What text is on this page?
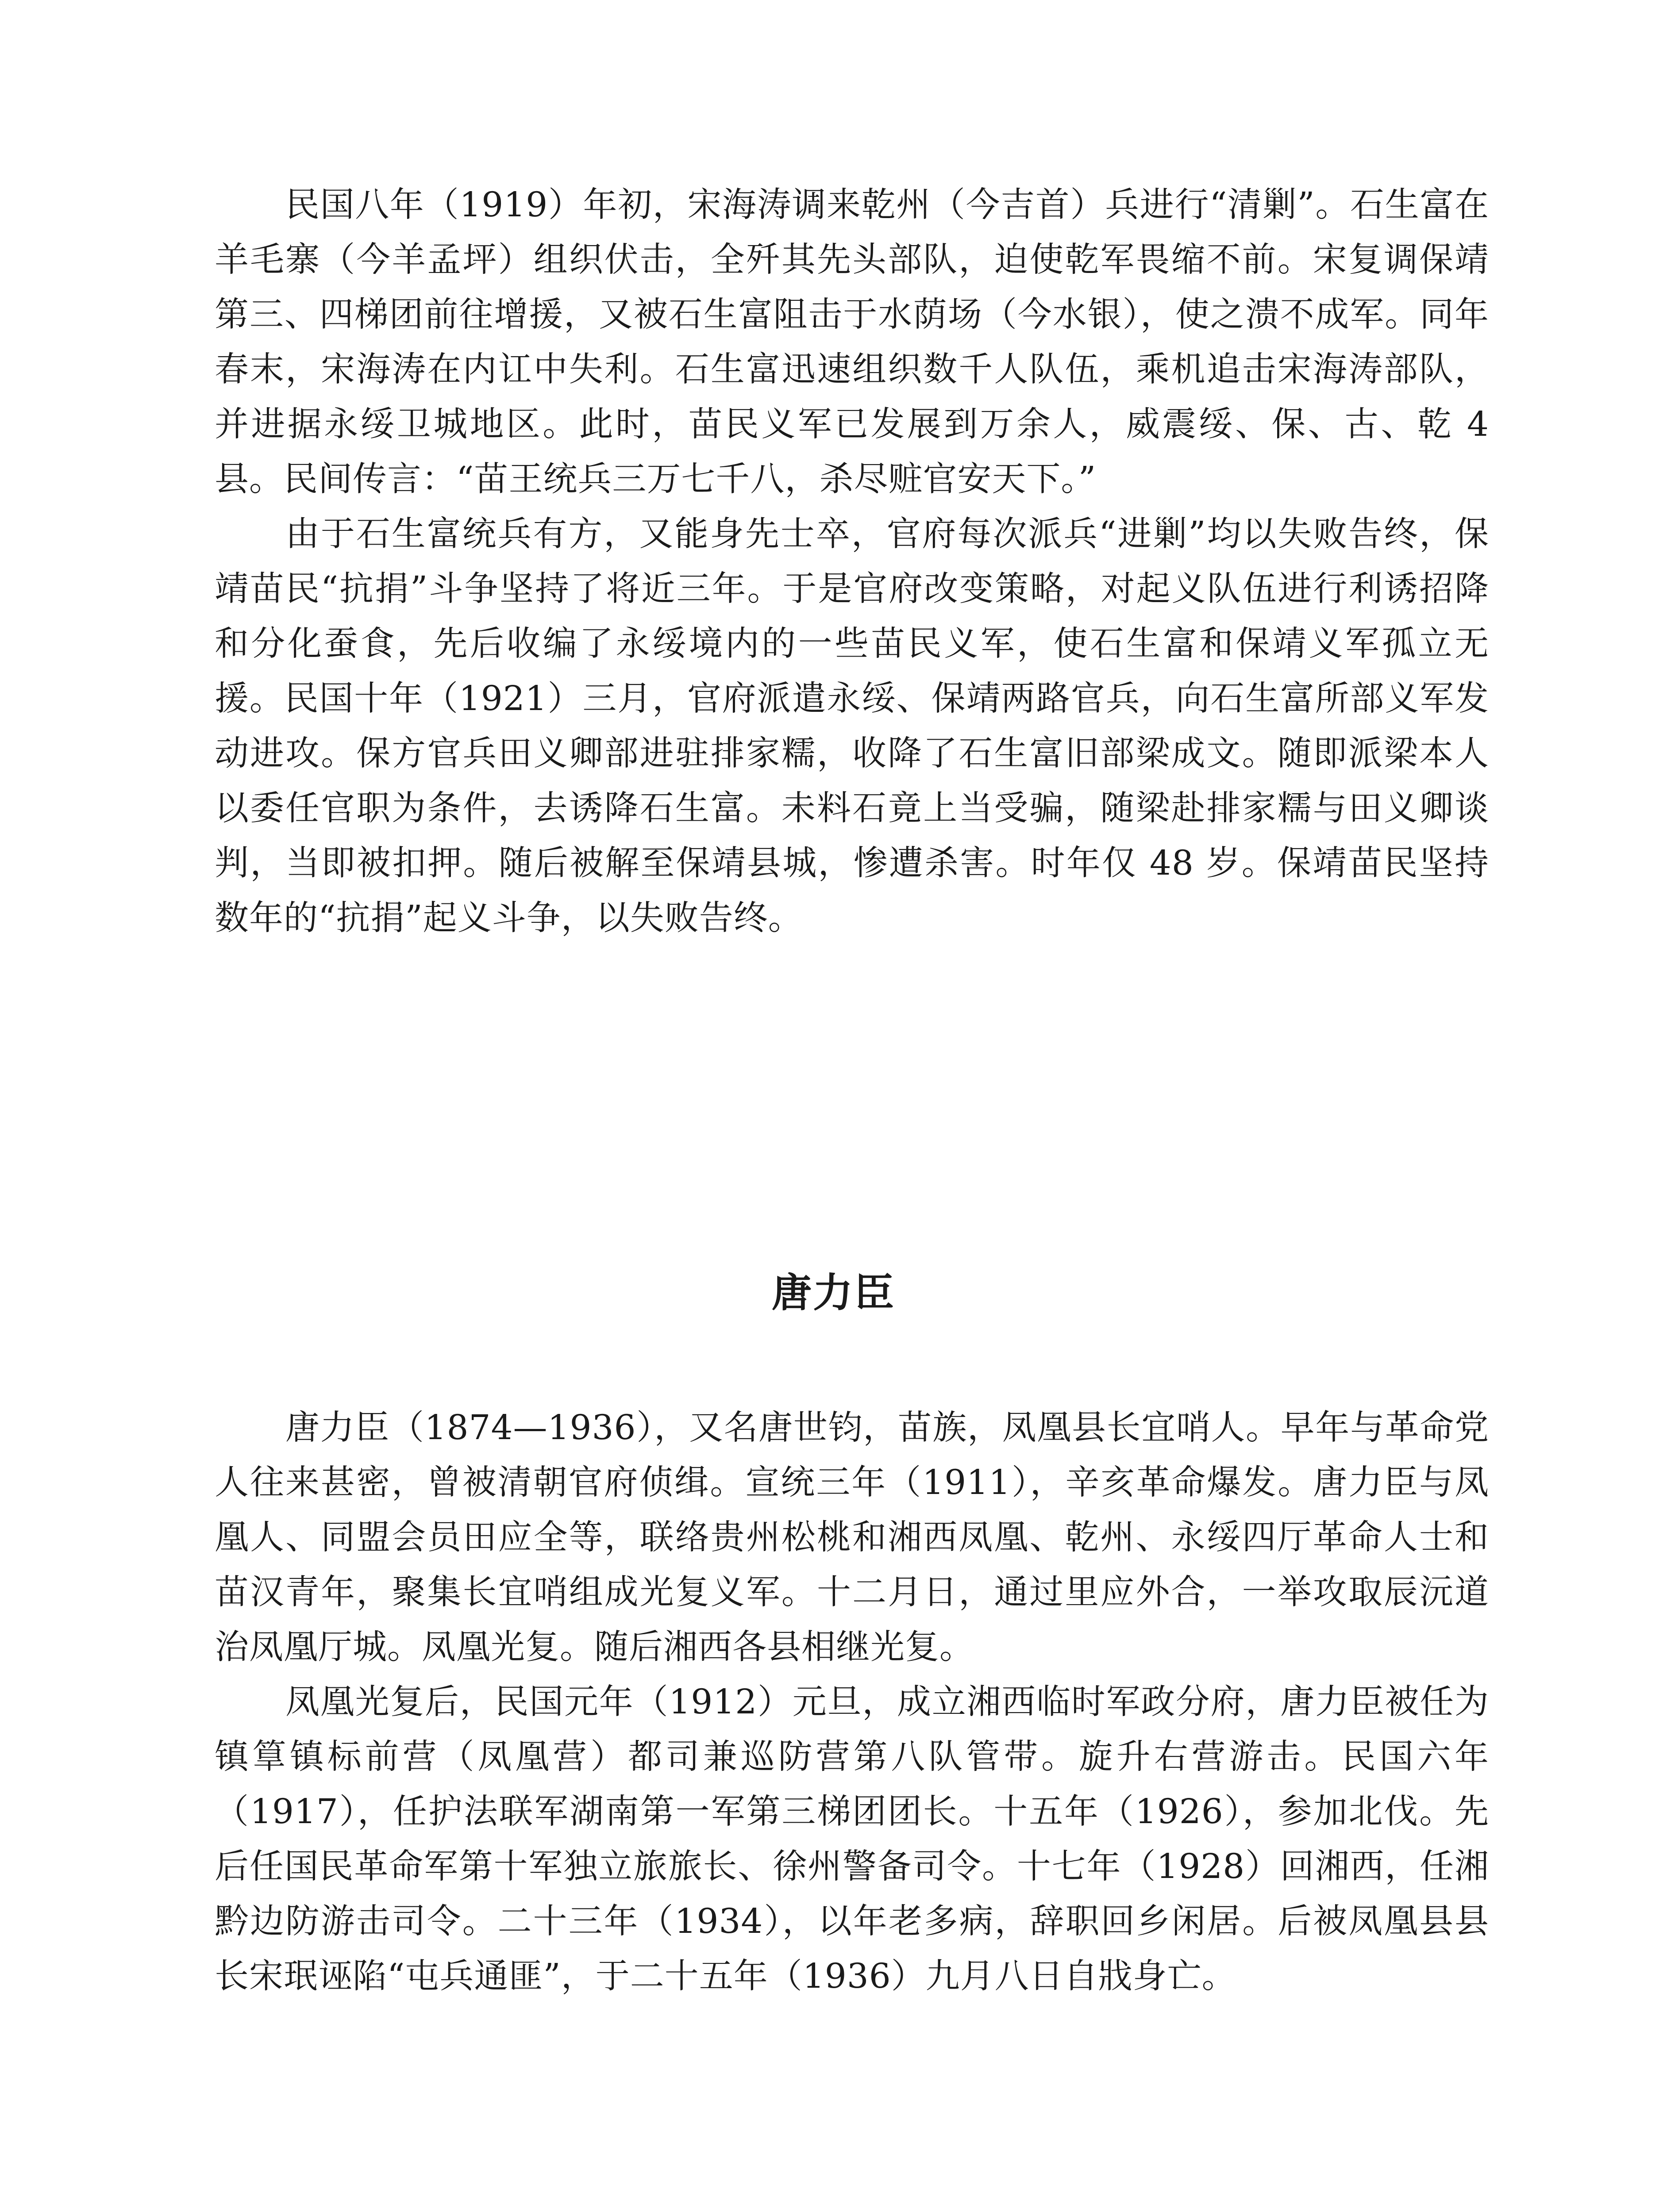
民国八年（1919）年初，宋海涛调来乾州（今吉首）兵进行“清剿”。石生富在羊毛寨（今羊孟坪）组织伏击，全歼其先头部队，迫使乾军畏缩不前。宋复调保靖第三、四梯团前往增援，又被石生富阻击于水荫场（今水银），使之溃不成军。同年春末，宋海涛在内讧中失利。石生富迅速组织数千人队伍，乘机追击宋海涛部队，并进据永绥卫城地区。此时，苗民义军已发展到万余人，威震绥、保、古、乾 4 县。民间传言：“苗王统兵三万七千八，杀尽赃官安天下。”

由于石生富统兵有方，又能身先士卒，官府每次派兵“进剿”均以失败告终，保靖苗民“抗捐”斗争坚持了将近三年。于是官府改变策略，对起义队伍进行利诱招降和分化蚕食，先后收编了永绥境内的一些苗民义军，使石生富和保靖义军孤立无援。民国十年（1921）三月，官府派遣永绥、保靖两路官兵，向石生富所部义军发动进攻。保方官兵田义卿部进驻排家糯，收降了石生富旧部梁成文。随即派梁本人以委任官职为条件，去诱降石生富。未料石竟上当受骗，随梁赴排家糯与田义卿谈判，当即被扣押。随后被解至保靖县城，惨遭杀害。时年仅 48 岁。保靖苗民坚持数年的“抗捐”起义斗争，以失败告终。

唐力臣

唐力臣（1874—1936），又名唐世钧，苗族，凤凰县长宜哨人。早年与革命党人往来甚密，曾被清朝官府侦缉。宣统三年（1911），辛亥革命爆发。唐力臣与凤凰人、同盟会员田应全等，联络贵州松桃和湘西凤凰、乾州、永绥四厅革命人士和苗汉青年，聚集长宜哨组成光复义军。十二月日，通过里应外合，一举攻取辰沅道治凤凰厅城。凤凰光复。随后湘西各县相继光复。

凤凰光复后，民国元年（1912）元旦，成立湘西临时军政分府，唐力臣被任为镇筸镇标前营（凤凰营）都司兼巡防营第八队管带。旋升右营游击。民国六年（1917），任护法联军湖南第一军第三梯团团长。十五年（1926），参加北伐。先后任国民革命军第十军独立旅旅长、徐州警备司令。十七年（1928）回湘西，任湘黔边防游击司令。二十三年（1934），以年老多病，辞职回乡闲居。后被凤凰县县长宋珉诬陷“屯兵通匪”，于二十五年（1936）九月八日自戕身亡。
